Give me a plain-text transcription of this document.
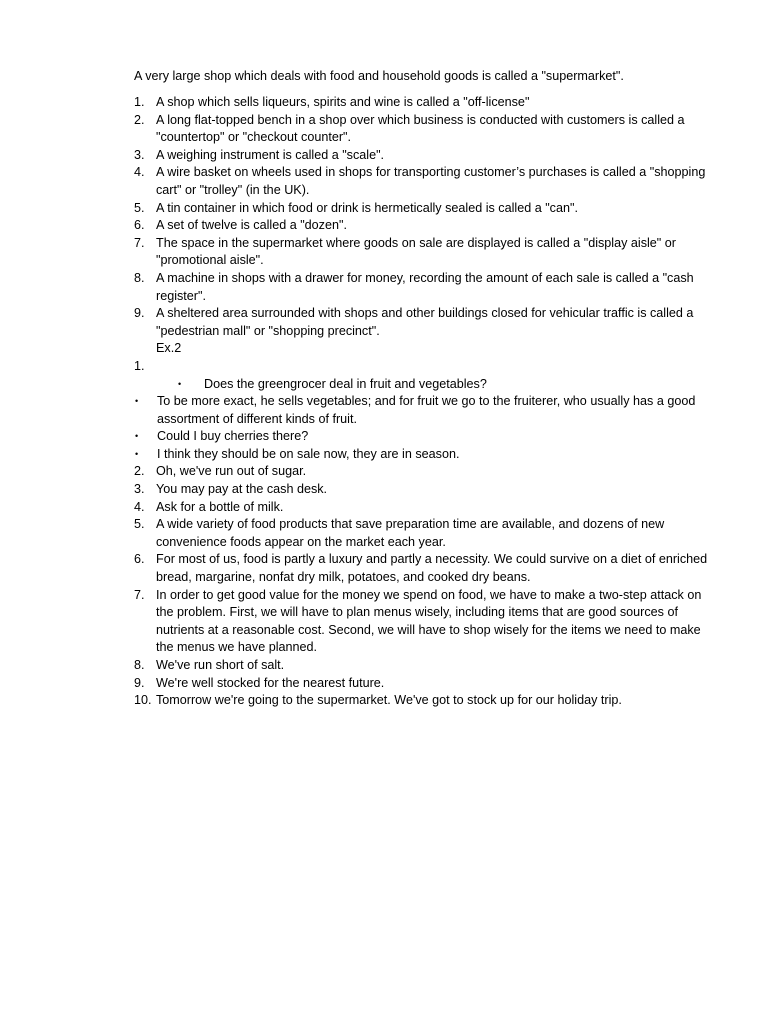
A very large shop which deals with food and household goods is called a "supermarket".
1. A shop which sells liqueurs, spirits and wine is called a "off-license"
2. A long flat-topped bench in a shop over which business is conducted with customers is called a "countertop" or "checkout counter".
3. A weighing instrument is called a "scale".
4. A wire basket on wheels used in shops for transporting customer’s purchases is called a "shopping cart" or "trolley" (in the UK).
5. A tin container in which food or drink is hermetically sealed is called a "can".
6. A set of twelve is called a "dozen".
7. The space in the supermarket where goods on sale are displayed is called a "display aisle" or "promotional aisle".
8. A machine in shops with a drawer for money, recording the amount of each sale is called a "cash register".
9. A sheltered area surrounded with shops and other buildings closed for vehicular traffic is called a "pedestrian mall" or "shopping precinct".
Ex.2
1.
•	Does the greengrocer deal in fruit and vegetables?
•	To be more exact, he sells vegetables; and for fruit we go to the fruiterer, who usually has a good assortment of different kinds of fruit.
•	Could I buy cherries there?
•	I think they should be on sale now, they are in season.
2. Oh, we've run out of sugar.
3. You may pay at the cash desk.
4. Ask for a bottle of milk.
5. A wide variety of food products that save preparation time are available, and dozens of new convenience foods appear on the market each year.
6. For most of us, food is partly a luxury and partly a necessity. We could survive on a diet of enriched bread, margarine, nonfat dry milk, potatoes, and cooked dry beans.
7. In order to get good value for the money we spend on food, we have to make a two-step attack on the problem. First, we will have to plan menus wisely, including items that are good sources of nutrients at a reasonable cost. Second, we will have to shop wisely for the items we need to make the menus we have planned.
8. We've run short of salt.
9. We're well stocked for the nearest future.
10. Tomorrow we're going to the supermarket. We've got to stock up for our holiday trip.
